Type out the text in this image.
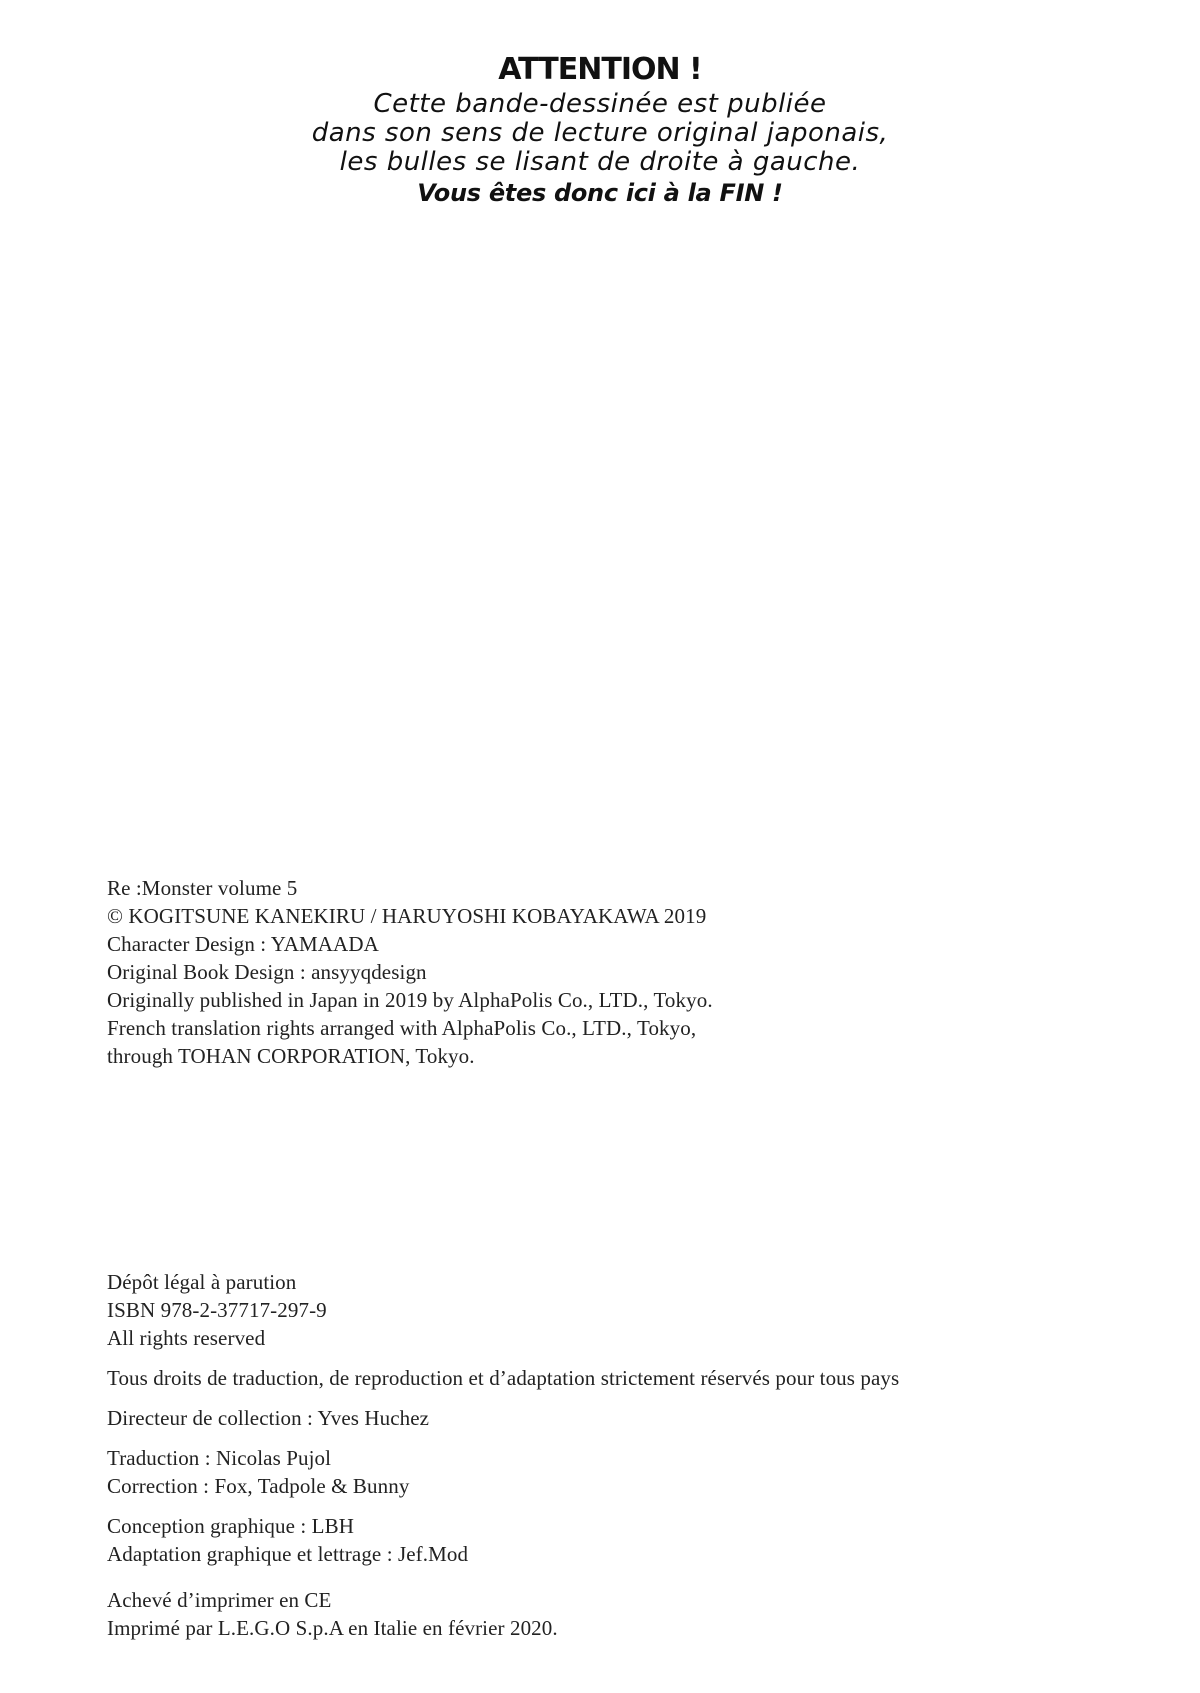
ATTENTION !
Cette bande-dessinée est publiée
dans son sens de lecture original japonais,
les bulles se lisant de droite à gauche.
Vous êtes donc ici à la FIN !

Re :Monster volume 5

© KOGITSUNE KANEKIRU / HARUYOSHI KOBAYAKAWA 2019

Character Design : YAMAADA

Original Book Design : ansyyqdesign

Originally published in Japan in 2019 by AlphaPolis Co., LTD., Tokyo.

French translation rights arranged with AlphaPolis Co., LTD., Tokyo,

through TOHAN CORPORATION, Tokyo.

Dépôt légal à parution

ISBN 978-2-37717-297-9

All rights reserved

Tous droits de traduction, de reproduction et d’adaptation strictement réservés pour tous pays

Directeur de collection : Yves Huchez

Traduction : Nicolas Pujol

Correction : Fox, Tadpole & Bunny

Conception graphique : LBH

Adaptation graphique et lettrage : Jef.Mod

Achevé d’imprimer en CE

Imprimé par L.E.G.O S.p.A en Italie en février 2020.
